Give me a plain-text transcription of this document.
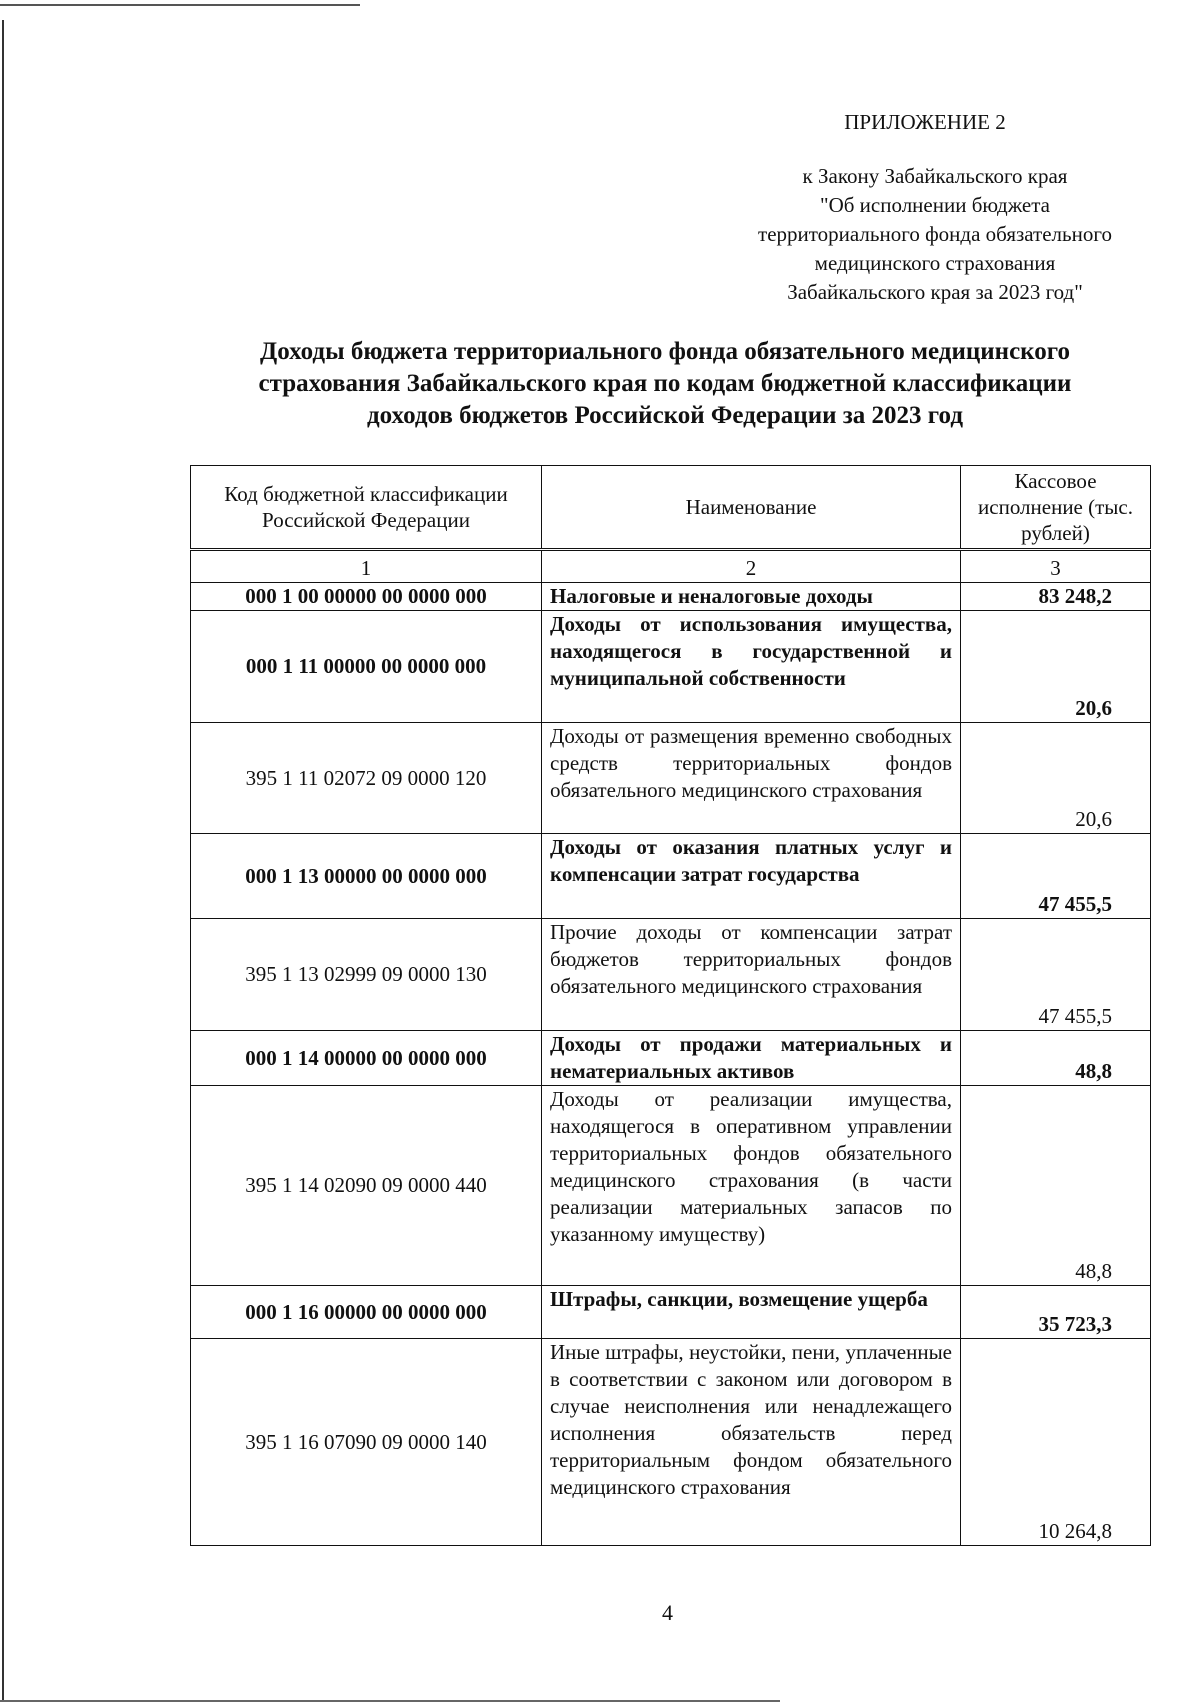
ПРИЛОЖЕНИЕ 2
к Закону Забайкальского края
"Об исполнении бюджета
территориального фонда обязательного
медицинского страхования
Забайкальского края за 2023 год"
Доходы бюджета территориального фонда обязательного медицинского
страхования Забайкальского края по кодам бюджетной классификации
доходов бюджетов Российской Федерации за 2023 год
Код бюджетной классификации Российской Федерации	Наименование	Кассовое исполнение (тыс. рублей)
1	2	3
000 1 00 00000 00 0000 000	Налоговые и неналоговые доходы	83 248,2
000 1 11 00000 00 0000 000	Доходы от использования имущества, находящегося в государственной и муниципальной собственности	20,6
395 1 11 02072 09 0000 120	Доходы от размещения временно свободных средств территориальных фондов обязательного медицинского страхования	20,6
000 1 13 00000 00 0000 000	Доходы от оказания платных услуг и компенсации затрат государства	47 455,5
395 1 13 02999 09 0000 130	Прочие доходы от компенсации затрат бюджетов территориальных фондов обязательного медицинского страхования	47 455,5
000 1 14 00000 00 0000 000	Доходы от продажи материальных и нематериальных активов	48,8
395 1 14 02090 09 0000 440	Доходы от реализации имущества, находящегося в оперативном управлении территориальных фондов обязательного медицинского страхования (в части реализации материальных запасов по указанному имуществу)	48,8
000 1 16 00000 00 0000 000	Штрафы, санкции, возмещение ущерба	35 723,3
395 1 16 07090 09 0000 140	Иные штрафы, неустойки, пени, уплаченные в соответствии с законом или договором в случае неисполнения или ненадлежащего исполнения обязательств перед территориальным фондом обязательного медицинского страхования	10 264,8
4
